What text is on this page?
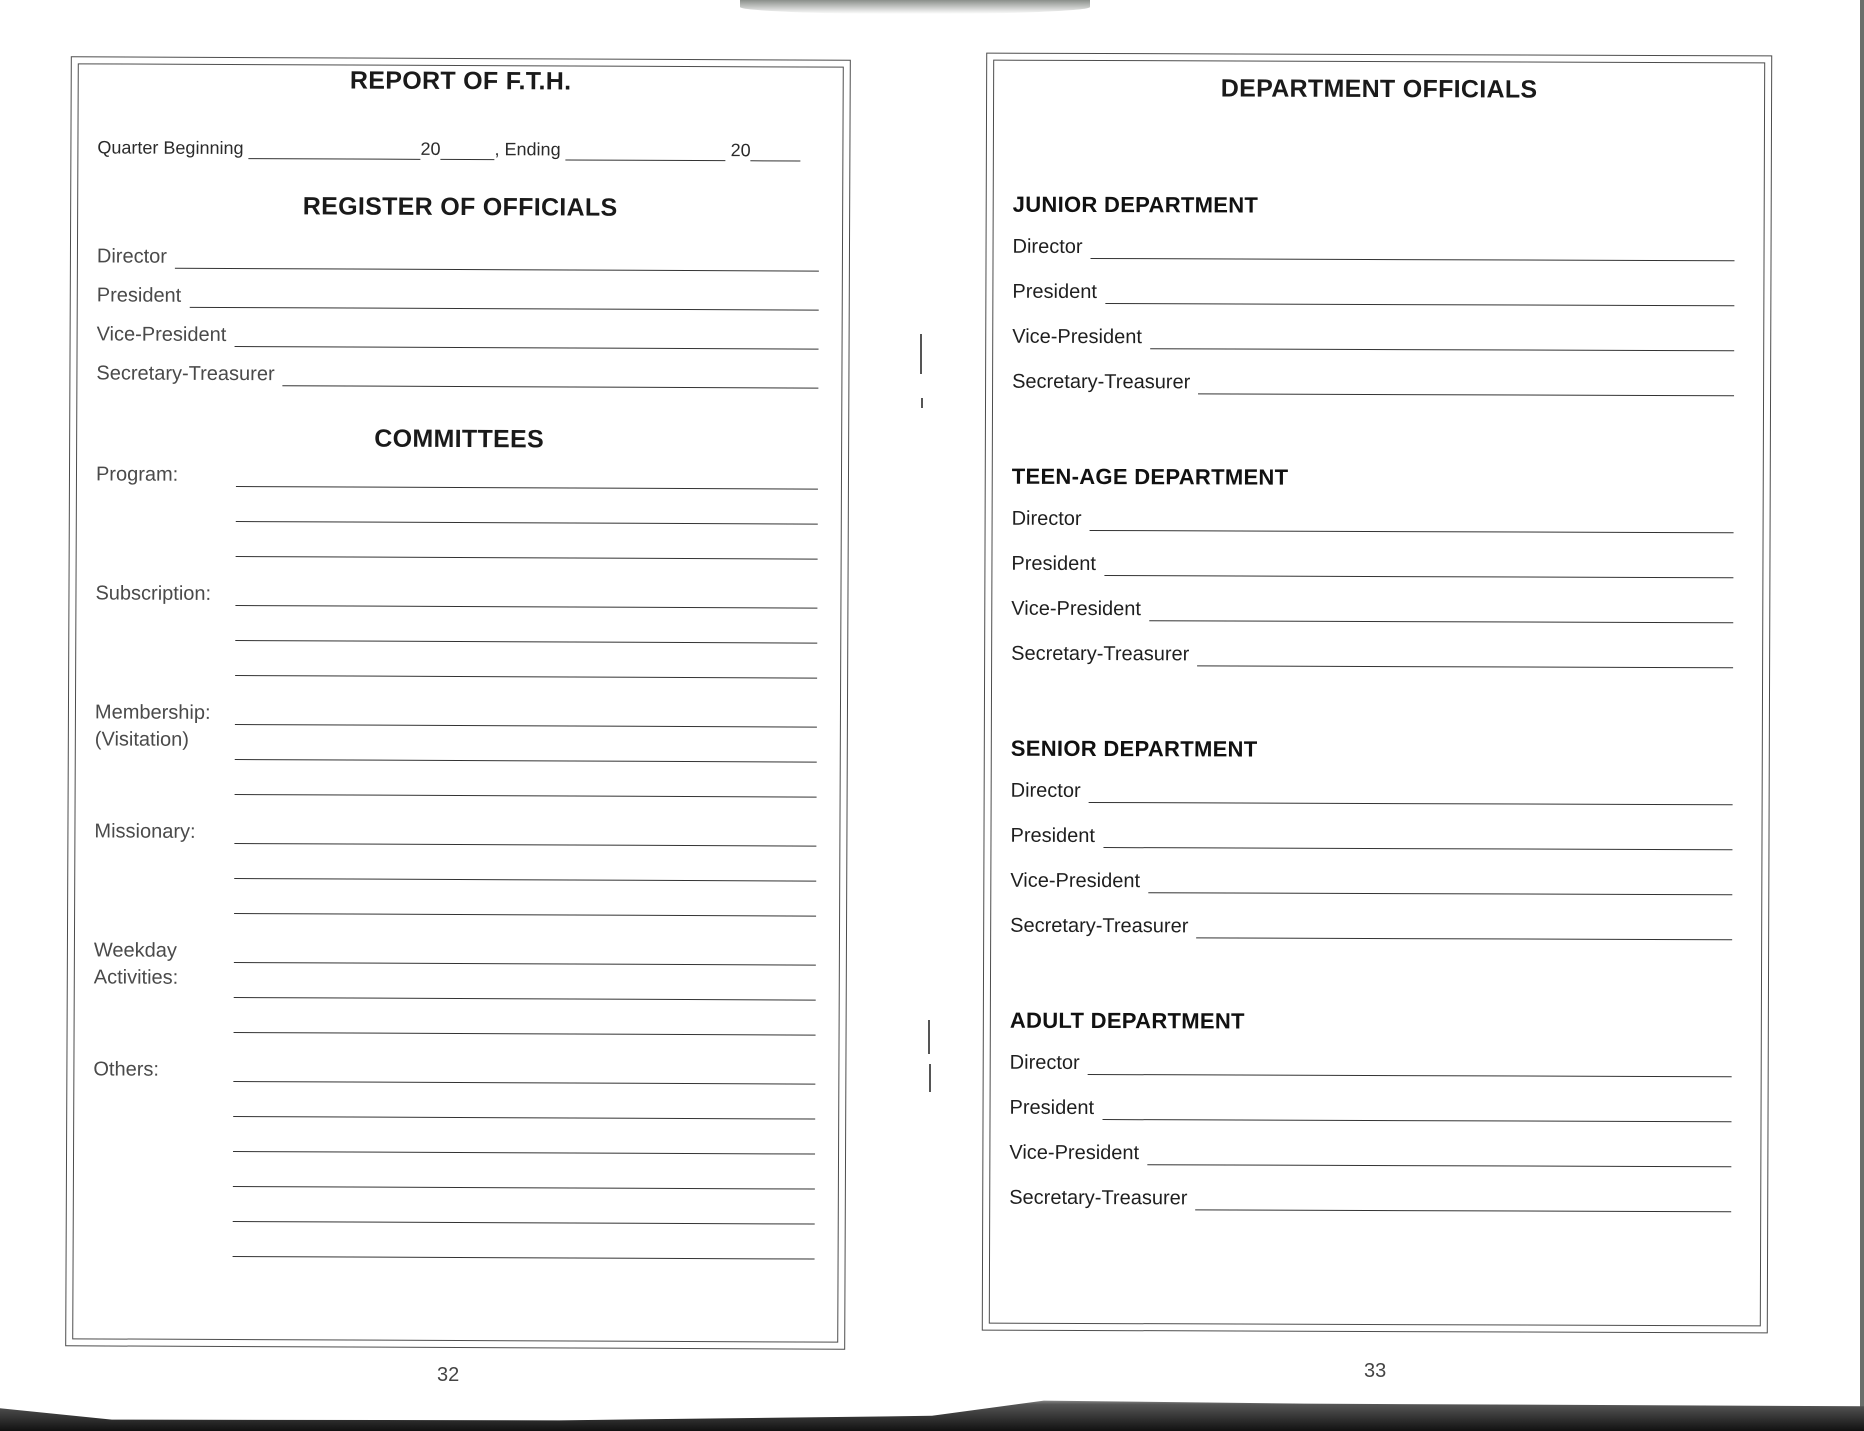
REPORT OF F.T.H.
Quarter Beginning	20	, Ending	20
REGISTER OF OFFICIALS
Director
President
Vice-President
Secretary-Treasurer
COMMITTEES
Program:
Subscription:
Membership:
(Visitation)
Missionary:
Weekday
Activities:
Others:
32
DEPARTMENT OFFICIALS
JUNIOR DEPARTMENT
Director
President
Vice-President
Secretary-Treasurer
TEEN-AGE DEPARTMENT
Director
President
Vice-President
Secretary-Treasurer
SENIOR DEPARTMENT
Director
President
Vice-President
Secretary-Treasurer
ADULT DEPARTMENT
Director
President
Vice-President
Secretary-Treasurer
33
